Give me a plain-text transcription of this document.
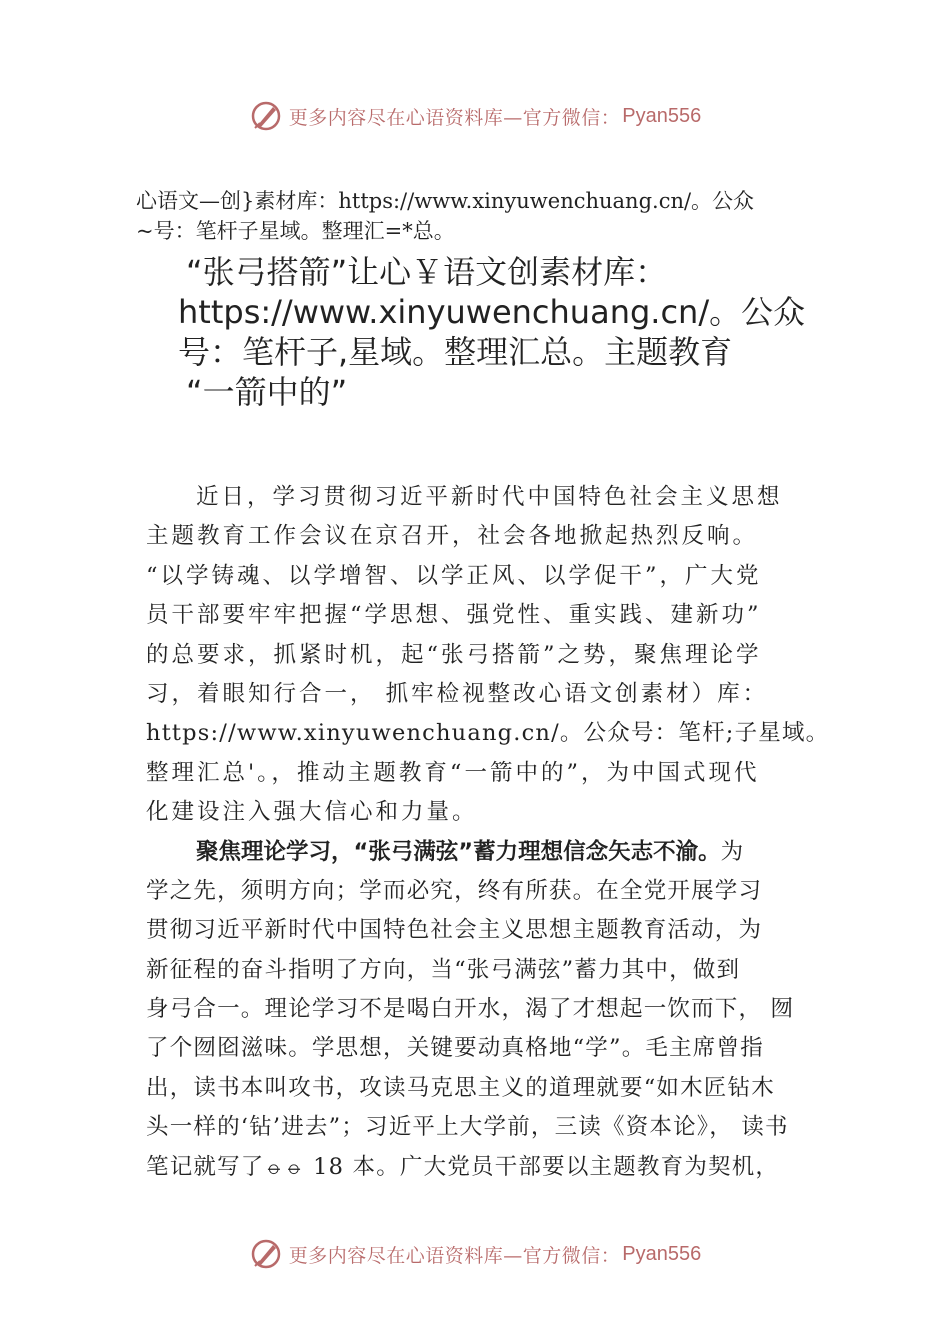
更多内容尽在心语资料库—官方微信： Pyan556
心语文—创}素材库：https://www.xinyuwenchuang.cn/。公众
~号：笔杆子星域。整理汇=*总。
“张弓搭箭”让心￥语文创素材库：
https://www.xinyuwenchuang.cn/。公众
号：笔杆子,星域。整理汇总。主题教育
“一箭中的”
近日，学习贯彻习近平新时代中国特色社会主义思想
主题教育工作会议在京召开，社会各地掀起热烈反响。
“以学铸魂、以学增智、以学正风、以学促干”，广大党
员干部要牢牢把握“学思想、强党性、重实践、建新功”
的总要求，抓紧时机，起“张弓搭箭”之势，聚焦理论学
习，着眼知行合一， 抓牢检视整改心语文创素材）库：
https://www.xinyuwenchuang.cn/。公众号：笔杆;子星域。
整理汇总'。，推动主题教育“一箭中的”，为中国式现代
化建设注入强大信心和力量。
聚焦理论学习，“张弓满弦”蓄力理想信念矢志不渝。为
学之先，须明方向；学而必究，终有所获。在全党开展学习
贯彻习近平新时代中国特色社会主义思想主题教育活动，为
新征程的奋斗指明了方向，当“张弓满弦”蓄力其中，做到
身弓合一。理论学习不是喝白开水，渴了才想起一饮而下， 囫
了个囫囵滋味。学思想，关键要动真格地“学”。毛主席曾指
出，读书本叫攻书，攻读马克思主义的道理就要“如木匠钻木
头一样的‘钻’进去”；习近平上大学前，三读《资本论》， 读书
笔记就写了⦵⦵ 18 本。广大党员干部要以主题教育为契机，
更多内容尽在心语资料库—官方微信： Pyan556
